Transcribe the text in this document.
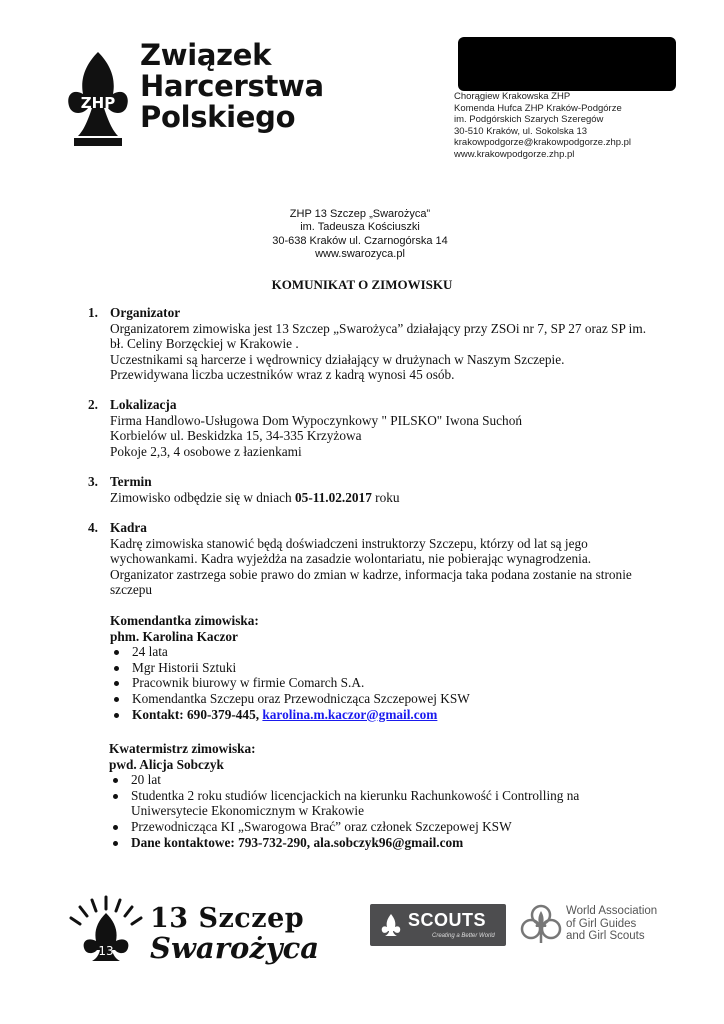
ZHP
Związek
Harcerstwa
Polskiego
Chorągiew Krakowska ZHP
Komenda Hufca ZHP Kraków-Podgórze
im. Podgórskich Szarych Szeregów
30-510 Kraków, ul. Sokolska 13
krakowpodgorze@krakowpodgorze.zhp.pl
www.krakowpodgorze.zhp.pl
ZHP 13 Szczep „Swarożyca”
im. Tadeusza Kościuszki
30-638 Kraków ul. Czarnogórska 14
www.swarozyca.pl
KOMUNIKAT O ZIMOWISKU
1. Organizator
Organizatorem zimowiska jest 13 Szczep „Swarożyca” działający przy ZSOi nr 7, SP 27 oraz SP im.
bł. Celiny Borzęckiej w Krakowie .
Uczestnikami są harcerze i wędrownicy działający w drużynach w Naszym Szczepie.
Przewidywana liczba uczestników wraz z kadrą wynosi 45 osób.
2. Lokalizacja
Firma Handlowo-Usługowa Dom Wypoczynkowy " PILSKO" Iwona Suchoń
Korbielów ul. Beskidzka 15, 34-335 Krzyżowa
Pokoje 2,3, 4 osobowe z łazienkami
3. Termin
Zimowisko odbędzie się w dniach 05-11.02.2017 roku
4. Kadra
Kadrę zimowiska stanowić będą doświadczeni instruktorzy Szczepu, którzy od lat są jego
wychowankami. Kadra wyjeżdża na zasadzie wolontariatu, nie pobierając wynagrodzenia.
Organizator zastrzega sobie prawo do zmian w kadrze, informacja taka podana zostanie na stronie
szczepu
Komendantka zimowiska:
phm. Karolina Kaczor
24 lata
Mgr Historii Sztuki
Pracownik biurowy w firmie Comarch S.A.
Komendantka Szczepu oraz Przewodnicząca Szczepowej KSW
Kontakt: 690-379-445, karolina.m.kaczor@gmail.com
Kwatermistrz zimowiska:
pwd. Alicja Sobczyk
20 lat
Studentka 2 roku studiów licencjackich na kierunku Rachunkowość i Controlling na
Uniwersytecie Ekonomicznym w Krakowie
Przewodnicząca KI „Swarogowa Brać” oraz członek Szczepowej KSW
Dane kontaktowe: 793-732-290, ala.sobczyk96@gmail.com
13
13 Szczep
Swarożyca
SCOUTS
Creating a Better World
World Association
of Girl Guides
and Girl Scouts
